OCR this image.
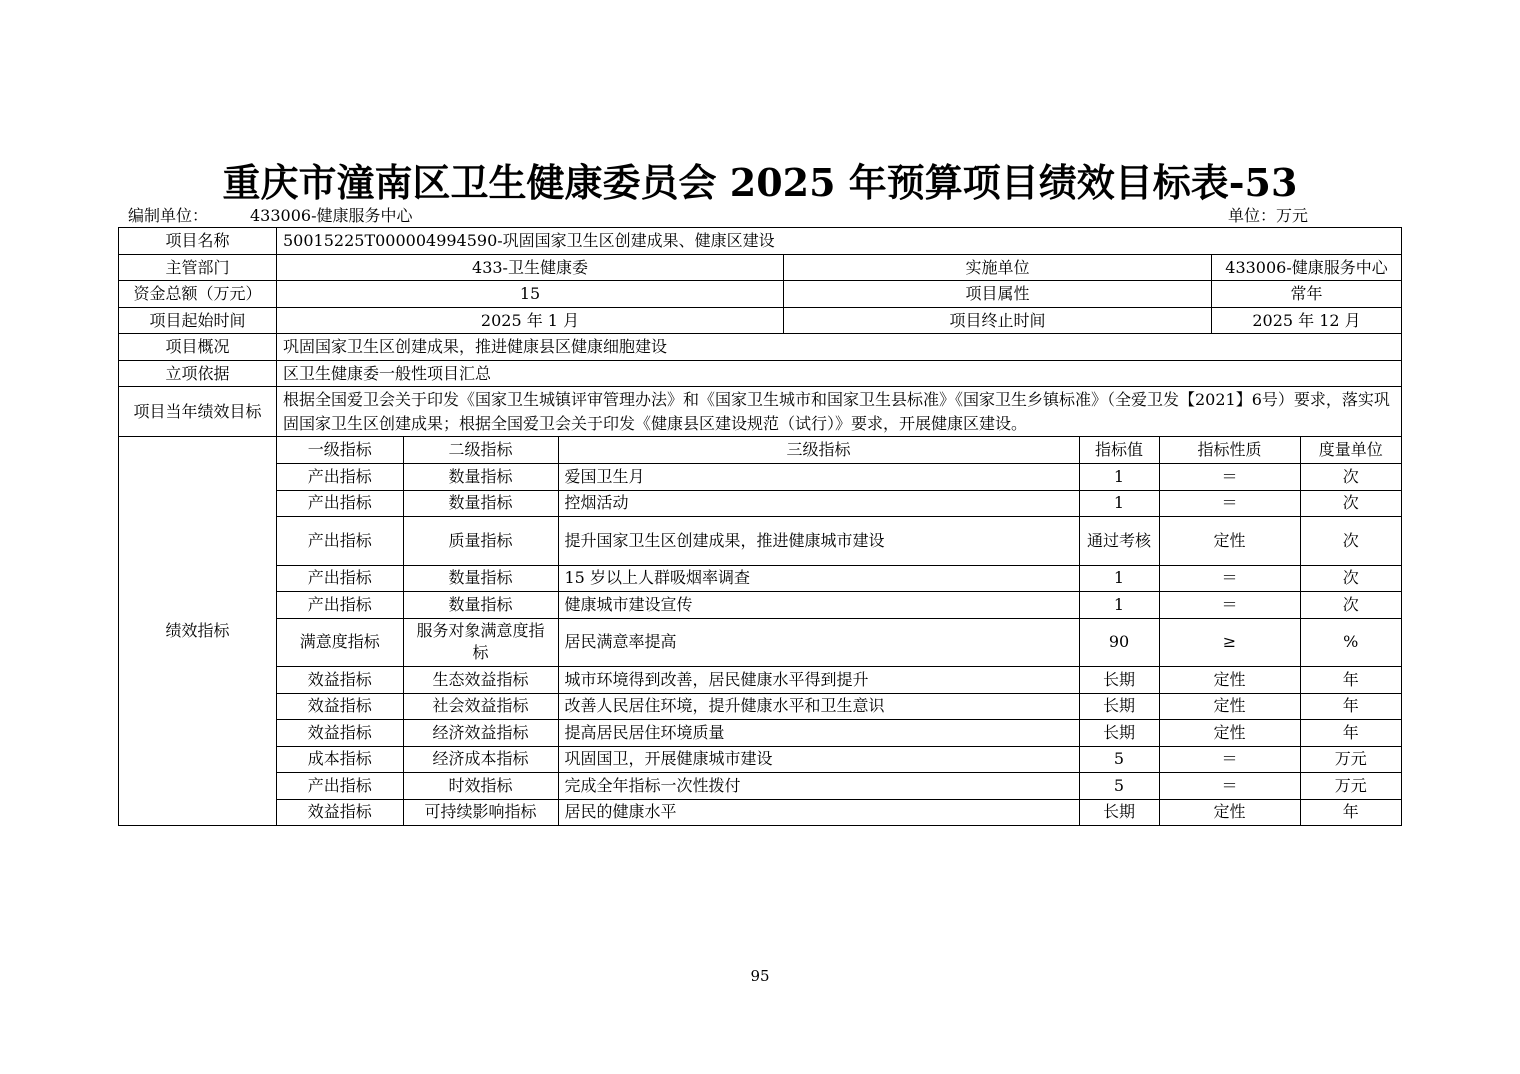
重庆市潼南区卫生健康委员会 2025 年预算项目绩效目标表-53
编制单位：	433006-健康服务中心	单位：万元
项目名称	50015225T000004994590-巩固国家卫生区创建成果、健康区建设
主管部门	433-卫生健康委	实施单位	433006-健康服务中心
资金总额（万元）	15	项目属性	常年
项目起始时间	2025 年 1 月	项目终止时间	2025 年 12 月
项目概况	巩固国家卫生区创建成果，推进健康县区健康细胞建设
立项依据	区卫生健康委一般性项目汇总
项目当年绩效目标	根据全国爱卫会关于印发《国家卫生城镇评审管理办法》和《国家卫生城市和国家卫生县标准》《国家卫生乡镇标准》（全爱卫发【2021】6号）要求，落实巩固国家卫生区创建成果；根据全国爱卫会关于印发《健康县区建设规范（试行）》要求，开展健康区建设。
绩效指标	
一级指标	二级指标	三级指标	指标值	指标性质	度量单位
产出指标	数量指标	爱国卫生月	1	＝	次
产出指标	数量指标	控烟活动	1	＝	次
产出指标	质量指标	提升国家卫生区创建成果，推进健康城市建设	通过考核	定性	次
产出指标	数量指标	15 岁以上人群吸烟率调查	1	＝	次
产出指标	数量指标	健康城市建设宣传	1	＝	次
满意度指标	服务对象满意度指标	居民满意率提高	90	≥	%
效益指标	生态效益指标	城市环境得到改善，居民健康水平得到提升	长期	定性	年
效益指标	社会效益指标	改善人民居住环境，提升健康水平和卫生意识	长期	定性	年
效益指标	经济效益指标	提高居民居住环境质量	长期	定性	年
成本指标	经济成本指标	巩固国卫，开展健康城市建设	5	＝	万元
产出指标	时效指标	完成全年指标一次性拨付	5	＝	万元
效益指标	可持续影响指标	居民的健康水平	长期	定性	年
95
